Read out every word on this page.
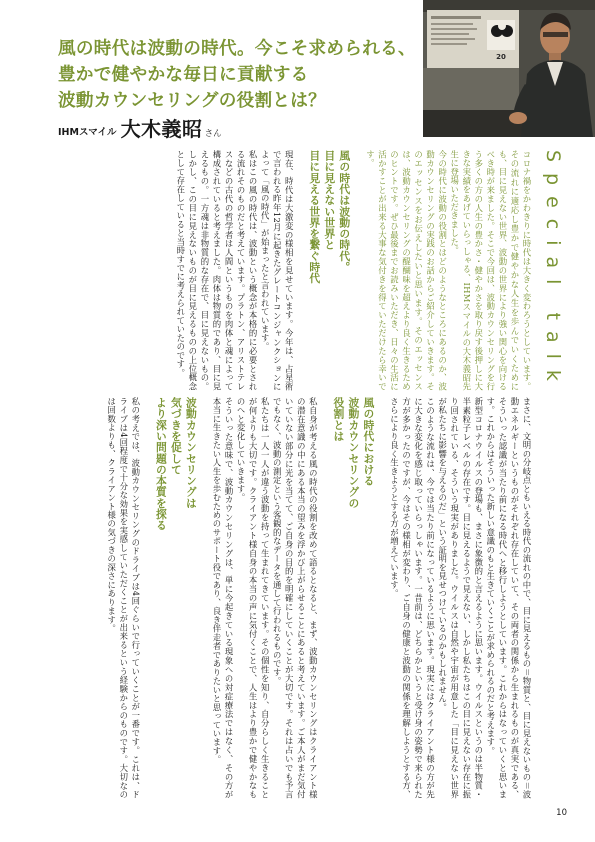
風の時代は波動の時代。今こそ求められる、
豊かで健やかな毎日に貢献する
波動カウンセリングの役割とは？
IHMスマイル 大木義昭 さん
20

コロナ禍をかわきりに時代は大きく変わろうとしています。その流れに適応し豊かで健やかな人生を歩んでいくためにも、目に見えない世界、波動の世界により強い関心を向けるべき時が来ました。そこで今回は、波動カウンセリングを行う多くの方の人生の豊かさ・健やかさを取り戻す後押しに大きな実績をあげていらっしゃる、IHMスマイルの大木義昭先生に登場いただきました。

今の時代に波動の役割とはどのようなところにあるのか、波動カウンセリングの実践のお話からご紹介していきます。そのエッセンスをお伝えしたいと思います。そのエッセンスは、波動カウンセリングの醍醐味を超えより良く生きるためのヒントです。ぜひ最後までお読みいただき、日々の生活に活かすことが出来る大事な気付きを得ていただけたら幸いです。

風の時代は波動の時代。

目に見えない世界と

目に見える世界を繋ぐ時代

現在、時代は大激変の様相を見せています。今年は、占星術で言われる昨年12月に起きたグレートコンジャンクションによって「風の時代」が始まったと言われています。

私はこの風の時代は、波動という概念が本格的に必要とされる流れそのものだと考えています。プラトン、アリストテレスなどの古代の哲学者は人間というものを肉体と魂によって構成されていると考えました。肉体は物質的であり、目に見えるもの。一方魂は非物質的な存在で、目に見えないもの。しかし、この目に見えないものが目に見えるものの上位概念として存在していると当時すでに考えられていたのです。

まさに、文明の分岐点ともいえる時代の流れの中で、目に見えるもの＝物質と、目に見えないもの＝波動エネルギーというものがそれぞれ存在していて、その両者の関係から生まれるものが真実である、そういった認識が当たり前になる時代へと移行しようとしています。これからはなっていくと思います。これからはそういった新しい意識のもと生きていくことが求められるのだと考えます。

新型コロナウイルスの登場も、まさに象徴的と言えるように思います。ウイルスというのは半物質・半素粒子レベルの存在です。目に見えるようで見えない、しかし私たちはこの目に見えない存在に振り回されている、そういう現実がありました。ウイルスは自然や宇宙が用意した「目に見えない世界が私たちに影響を与えるのだ」という証明を見せつけているのかもしれません。

このような流れは、今では当たり前になっているように思います。現実にはクライアント様の方が先に大きな変化を感じ取っていらっしゃいます。一昔前は、どちらかというと受け身の姿勢で来られた方が多かったのですが、今はその様相が変わり、ご自身の健康と波動の関係を理解しようとする方、さらにより良く生きようとする方が増えています。

風の時代における

波動カウンセリングの

役割とは

私自身が考える風の時代の役割を改めて語るとなると、まず、波動カウンセリングはクライアント様の潜在意識の中にある本当の望みを浮かび上がらせることにあると考えています。ご本人がまだ気付いていない部分に光を当てて、ご自身の目的を明確にしていくことが大切です。それは占いでも予言でもなく、波動の測定という客観的なデータを通して行われるものです。

私たちは一人一人が違う波動を持って生まれてきています。その個性を知り、自分らしく生きることが何よりも大切です。クライアント様自身の本当の声に気付くことで、人生はより豊かで健やかなものへと変化していきます。

そういった意味で、波動カウンセリングは、単に今起きている現象への対症療法ではなく、その方が本当に生きたい人生を歩むためのサポート役であり、良き伴走者でありたいと思っています。

波動カウンセリングは

気づきを促して

より深い問題の本質を探る

私の考えでは、波動カウンセリングのドライブは4回ぐらいで行っていくことが一番です。これは、ドライブは4回程度で十分な効果を実感していただくことが出来るという経験からのものです。大切なのは回数よりも、クライアント様の気づきの深さにあります。

Special talk
10
